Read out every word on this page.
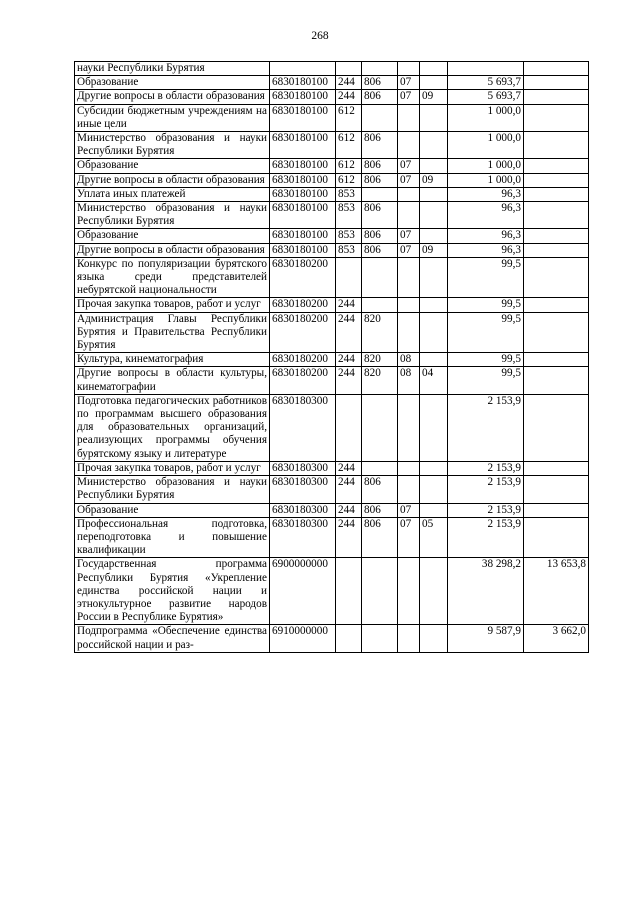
268
науки Республики Бурятия							
Образование	6830180100	244	806	07		5 693,7	
Другие вопросы в области образования	6830180100	244	806	07	09	5 693,7	
Субсидии бюджетным учреждениям на иные цели	6830180100	612				1 000,0	
Министерство образования и науки Республики Бурятия	6830180100	612	806			1 000,0	
Образование	6830180100	612	806	07		1 000,0	
Другие вопросы в области образования	6830180100	612	806	07	09	1 000,0	
Уплата иных платежей	6830180100	853				96,3	
Министерство образования и науки Республики Бурятия	6830180100	853	806			96,3	
Образование	6830180100	853	806	07		96,3	
Другие вопросы в области образования	6830180100	853	806	07	09	96,3	
Конкурс по популяризации бурятского языка среди представителей небурятской национальности	6830180200					99,5	
Прочая закупка товаров, работ и услуг	6830180200	244				99,5	
Администрация Главы Республики Бурятия и Правительства Республики Бурятия	6830180200	244	820			99,5	
Культура, кинематография	6830180200	244	820	08		99,5	
Другие вопросы в области культуры, кинематографии	6830180200	244	820	08	04	99,5	
Подготовка педагогических работников по программам высшего образования для образовательных организаций, реализующих программы обучения бурятскому языку и литературе	6830180300					2 153,9	
Прочая закупка товаров, работ и услуг	6830180300	244				2 153,9	
Министерство образования и науки Республики Бурятия	6830180300	244	806			2 153,9	
Образование	6830180300	244	806	07		2 153,9	
Профессиональная подготовка, переподготовка и повышение квалификации	6830180300	244	806	07	05	2 153,9	
Государственная программа Республики Бурятия «Укрепление единства российской нации и этнокультурное развитие народов России в Республике Бурятия»	6900000000					38 298,2	13 653,8
Подпрограмма «Обеспечение единства российской нации и раз-	6910000000					9 587,9	3 662,0
